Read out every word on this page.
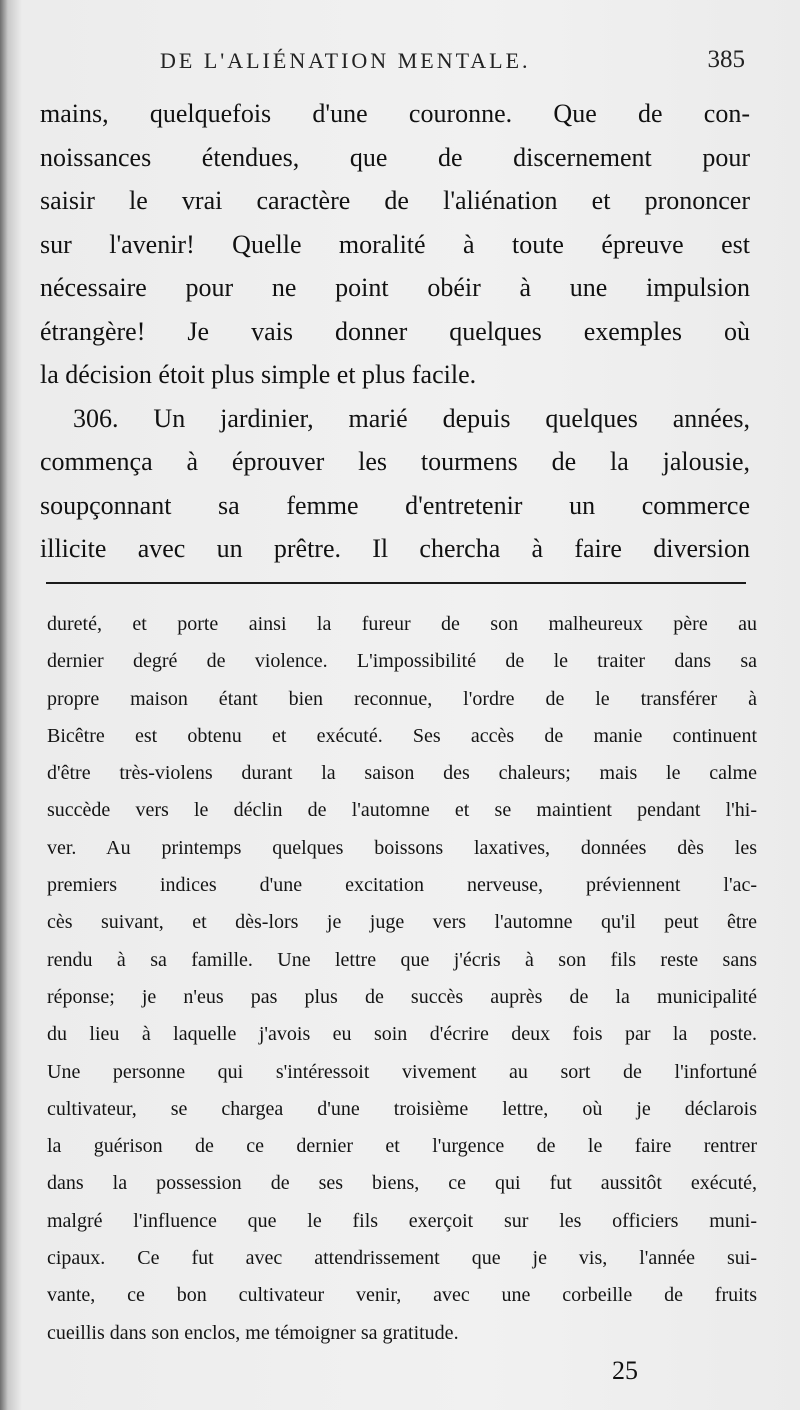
DE L'ALIÉNATION MENTALE.	385
mains, quelquefois d'une couronne. Que de con-
noissances étendues, que de discernement pour
saisir le vrai caractère de l'aliénation et prononcer
sur l'avenir! Quelle moralité à toute épreuve est
nécessaire pour ne point obéir à une impulsion
étrangère! Je vais donner quelques exemples où
la décision étoit plus simple et plus facile.
306. Un jardinier, marié depuis quelques années,
commença à éprouver les tourmens de la jalousie,
soupçonnant sa femme d'entretenir un commerce
illicite avec un prêtre. Il chercha à faire diversion
dureté, et porte ainsi la fureur de son malheureux père au
dernier degré de violence. L'impossibilité de le traiter dans sa
propre maison étant bien reconnue, l'ordre de le transférer à
Bicêtre est obtenu et exécuté. Ses accès de manie continuent
d'être très-violens durant la saison des chaleurs; mais le calme
succède vers le déclin de l'automne et se maintient pendant l'hi-
ver. Au printemps quelques boissons laxatives, données dès les
premiers indices d'une excitation nerveuse, préviennent l'ac-
cès suivant, et dès-lors je juge vers l'automne qu'il peut être
rendu à sa famille. Une lettre que j'écris à son fils reste sans
réponse; je n'eus pas plus de succès auprès de la municipalité
du lieu à laquelle j'avois eu soin d'écrire deux fois par la poste.
Une personne qui s'intéressoit vivement au sort de l'infortuné
cultivateur, se chargea d'une troisième lettre, où je déclarois
la guérison de ce dernier et l'urgence de le faire rentrer
dans la possession de ses biens, ce qui fut aussitôt exécuté,
malgré l'influence que le fils exerçoit sur les officiers muni-
cipaux. Ce fut avec attendrissement que je vis, l'année sui-
vante, ce bon cultivateur venir, avec une corbeille de fruits
cueillis dans son enclos, me témoigner sa gratitude.
25
